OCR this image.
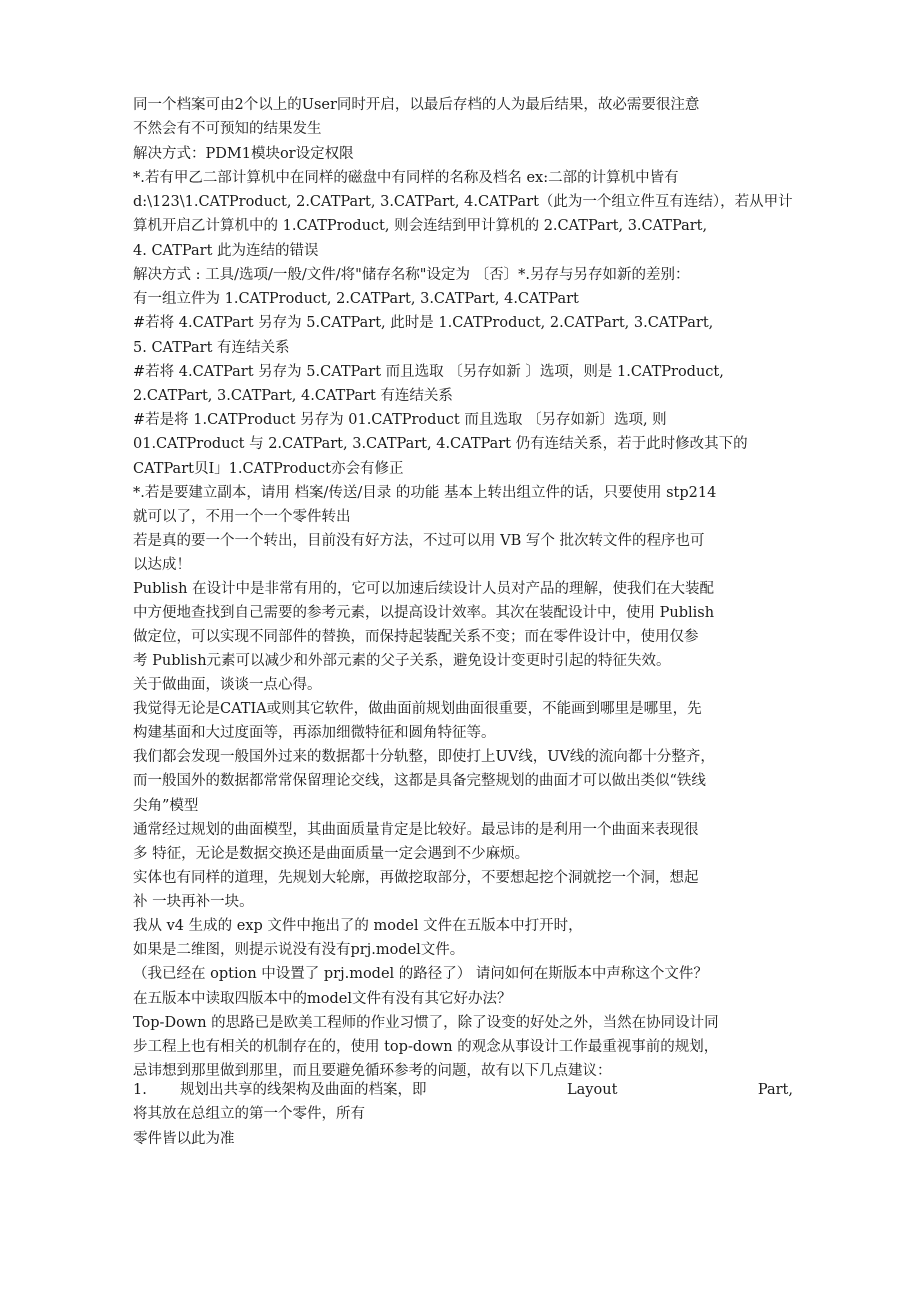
同一个档案可由2个以上的User同时开启，以最后存档的人为最后结果，故必需要很注意
不然会有不可预知的结果发生
解决方式：PDM1模块or设定权限
*.若有甲乙二部计算机中在同样的磁盘中有同样的名称及档名 ex:二部的计算机中皆有
d:\123\1.CATProduct, 2.CATPart, 3.CATPart, 4.CATPart（此为一个组立件互有连结），若从甲计
算机开启乙计算机中的 1.CATProduct, 则会连结到甲计算机的 2.CATPart, 3.CATPart,
4. CATPart 此为连结的错误
解决方式 : 工具/选项/一般/文件/将"储存名称"设定为 〔否〕*.另存与另存如新的差别：
有一组立件为 1.CATProduct, 2.CATPart, 3.CATPart, 4.CATPart
#若将 4.CATPart 另存为 5.CATPart, 此时是 1.CATProduct, 2.CATPart, 3.CATPart,
5. CATPart 有连结关系
#若将 4.CATPart 另存为 5.CATPart 而且选取 〔另存如新 〕选项，则是 1.CATProduct,
2.CATPart, 3.CATPart, 4.CATPart 有连结关系
#若是将 1.CATProduct 另存为 01.CATProduct 而且选取 〔另存如新〕选项, 则
01.CATProduct 与 2.CATPart, 3.CATPart, 4.CATPart 仍有连结关系，若于此时修改其下的
CATPart贝I」1.CATProduct亦会有修正
*.若是要建立副本，请用 档案/传送/目录 的功能 基本上转出组立件的话，只要使用 stp214
就可以了，不用一个一个零件转出
若是真的要一个一个转出，目前没有好方法，不过可以用 VB 写个 批次转文件的程序也可
以达成！
Publish 在设计中是非常有用的，它可以加速后续设计人员对产品的理解，使我们在大装配
中方便地查找到自己需要的参考元素，以提高设计效率。其次在装配设计中，使用 Publish
做定位，可以实现不同部件的替换，而保持起装配关系不变；而在零件设计中，使用仅参
考 Publish元素可以减少和外部元素的父子关系，避免设计变更时引起的特征失效。
关于做曲面，谈谈一点心得。
我觉得无论是CATIA或则其它软件，做曲面前规划曲面很重要，不能画到哪里是哪里，先
构建基面和大过度面等，再添加细微特征和圆角特征等。
我们都会发现一般国外过来的数据都十分轨整，即使打上UV线，UV线的流向都十分整齐，
而一般国外的数据都常常保留理论交线，这都是具备完整规划的曲面才可以做出类似“铁线
尖角”模型
通常经过规划的曲面模型，其曲面质量肯定是比较好。最忌讳的是利用一个曲面来表现很
多 特征，无论是数据交换还是曲面质量一定会遇到不少麻烦。
实体也有同样的道理，先规划大轮廓，再做挖取部分，不要想起挖个洞就挖一个洞，想起
补 一块再补一块。
我从 v4 生成的 exp 文件中拖出了的 model 文件在五版本中打开时，
如果是二维图，则提示说没有没有prj.model文件。
（我已经在 option 中设置了 prj.model 的路径了） 请问如何在斯版本中声称这个文件？
在五版本中读取四版本中的model文件有没有其它好办法？
Top-Down 的思路已是欧美工程师的作业习惯了，除了设变的好处之外，当然在协同设计同
步工程上也有相关的机制存在的，使用 top-down 的观念从事设计工作最重视事前的规划，
忌讳想到那里做到那里，而且要避免循环参考的问题，故有以下几点建议：
1. 规划出共享的线架构及曲面的档案，即	Layout	Part,
将其放在总组立的第一个零件，所有
零件皆以此为准
